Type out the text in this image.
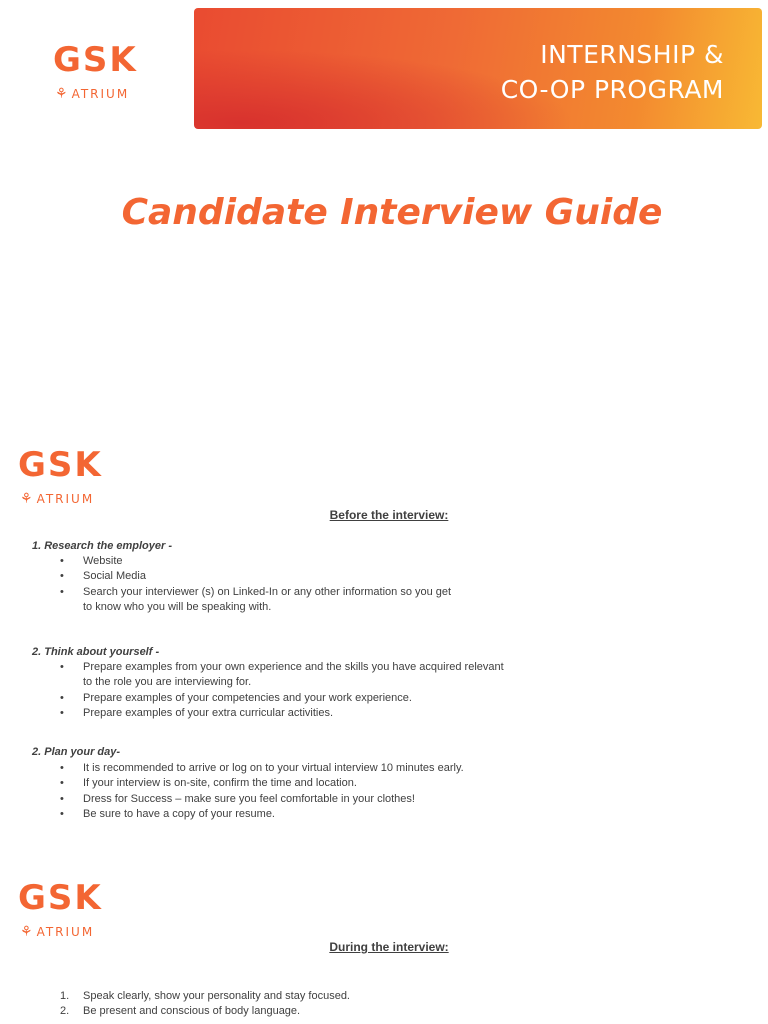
GSK
⚘ ATRIUM
INTERNSHIP &
CO-OP PROGRAM
Candidate Interview Guide
GSK
⚘ ATRIUM
Before the interview:
1. Research the employer -
• Website
• Social Media
• Search your interviewer (s) on Linked-In or any other information so you get to know who you will be speaking with.
2. Think about yourself -
• Prepare examples from your own experience and the skills you have acquired relevant to the role you are interviewing for.
• Prepare examples of your competencies and your work experience.
• Prepare examples of your extra curricular activities.
2. Plan your day-
• It is recommended to arrive or log on to your virtual interview 10 minutes early.
• If your interview is on-site, confirm the time and location.
• Dress for Success – make sure you feel comfortable in your clothes!
• Be sure to have a copy of your resume.
GSK
⚘ ATRIUM
During the interview:
1. Speak clearly, show your personality and stay focused.
2. Be present and conscious of body language.
